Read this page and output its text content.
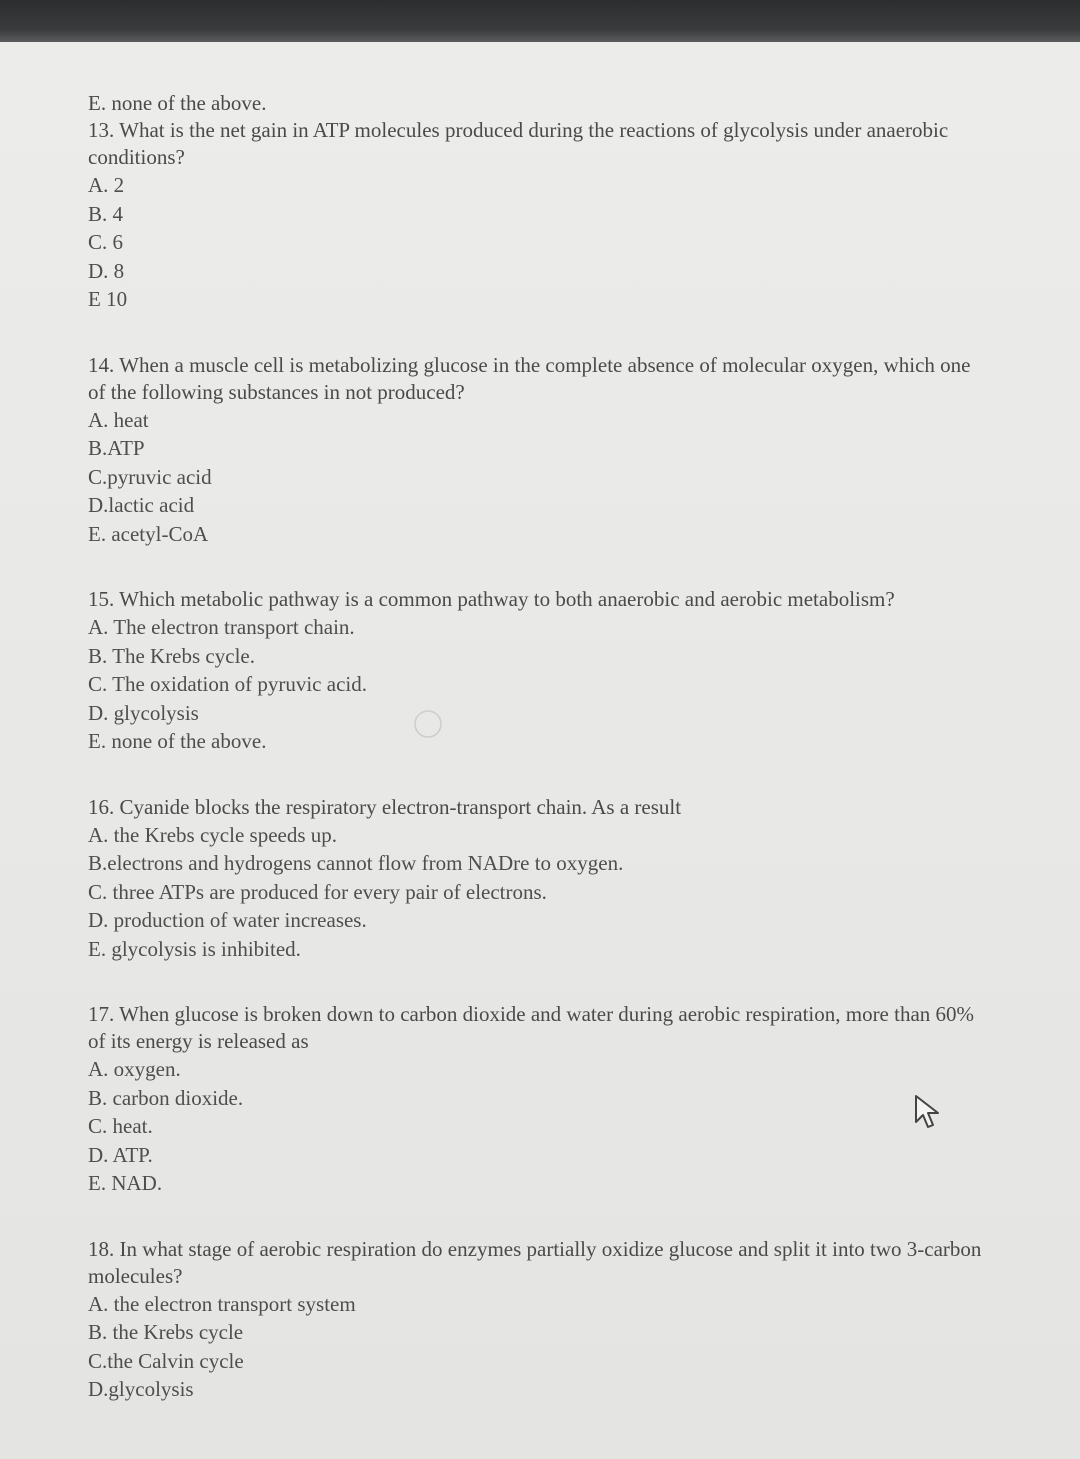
E. none of the above.

13. What is the net gain in ATP molecules produced during the reactions of glycolysis under anaerobic conditions?

A. 2
B. 4
C. 6
D. 8
E 10

14. When a muscle cell is metabolizing glucose in the complete absence of molecular oxygen, which one of the following substances in not produced?

A. heat
B.ATP
C.pyruvic acid
D.lactic acid
E. acetyl-CoA

15. Which metabolic pathway is a common pathway to both anaerobic and aerobic metabolism?

A. The electron transport chain.
B. The Krebs cycle.
C. The oxidation of pyruvic acid.
D. glycolysis
E. none of the above.

16. Cyanide blocks the respiratory electron-transport chain. As a result

A. the Krebs cycle speeds up.
B.electrons and hydrogens cannot flow from NADre to oxygen.
C. three ATPs are produced for every pair of electrons.
D. production of water increases.
E. glycolysis is inhibited.

17. When glucose is broken down to carbon dioxide and water during aerobic respiration, more than 60% of its energy is released as

A. oxygen.
B. carbon dioxide.
C. heat.
D. ATP.
E. NAD.

18. In what stage of aerobic respiration do enzymes partially oxidize glucose and split it into two 3-carbon molecules?

A. the electron transport system
B. the Krebs cycle
C.the Calvin cycle
D.glycolysis
